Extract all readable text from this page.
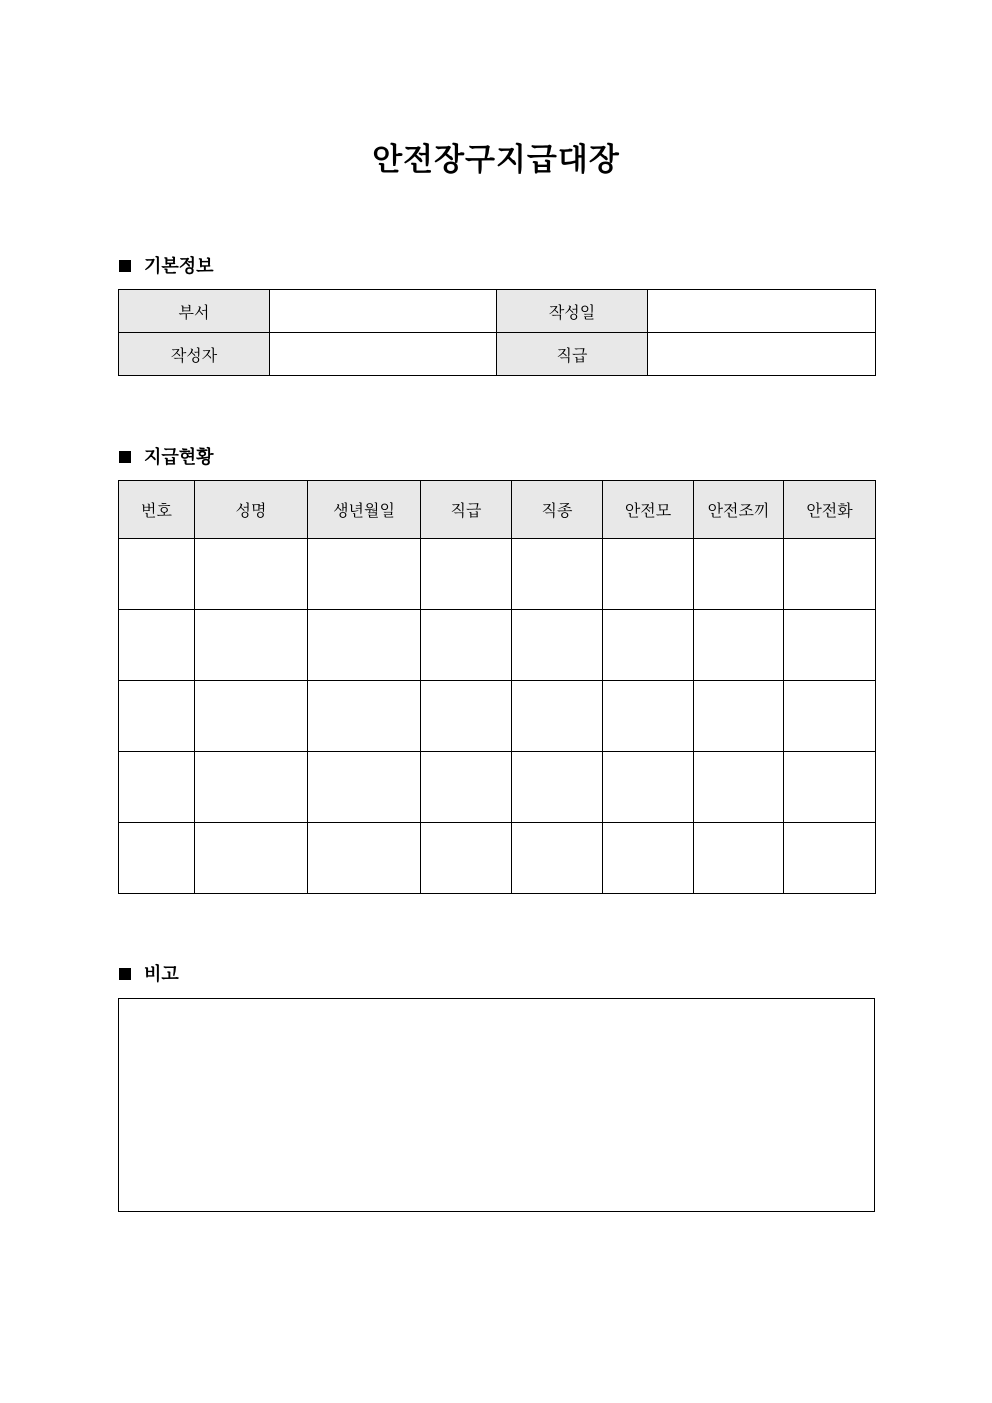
안전장구지급대장
기본정보
부서		작성일	
작성자		직급	
지급현황
번호	성명	생년월일	직급	직종	안전모	안전조끼	안전화

비고
